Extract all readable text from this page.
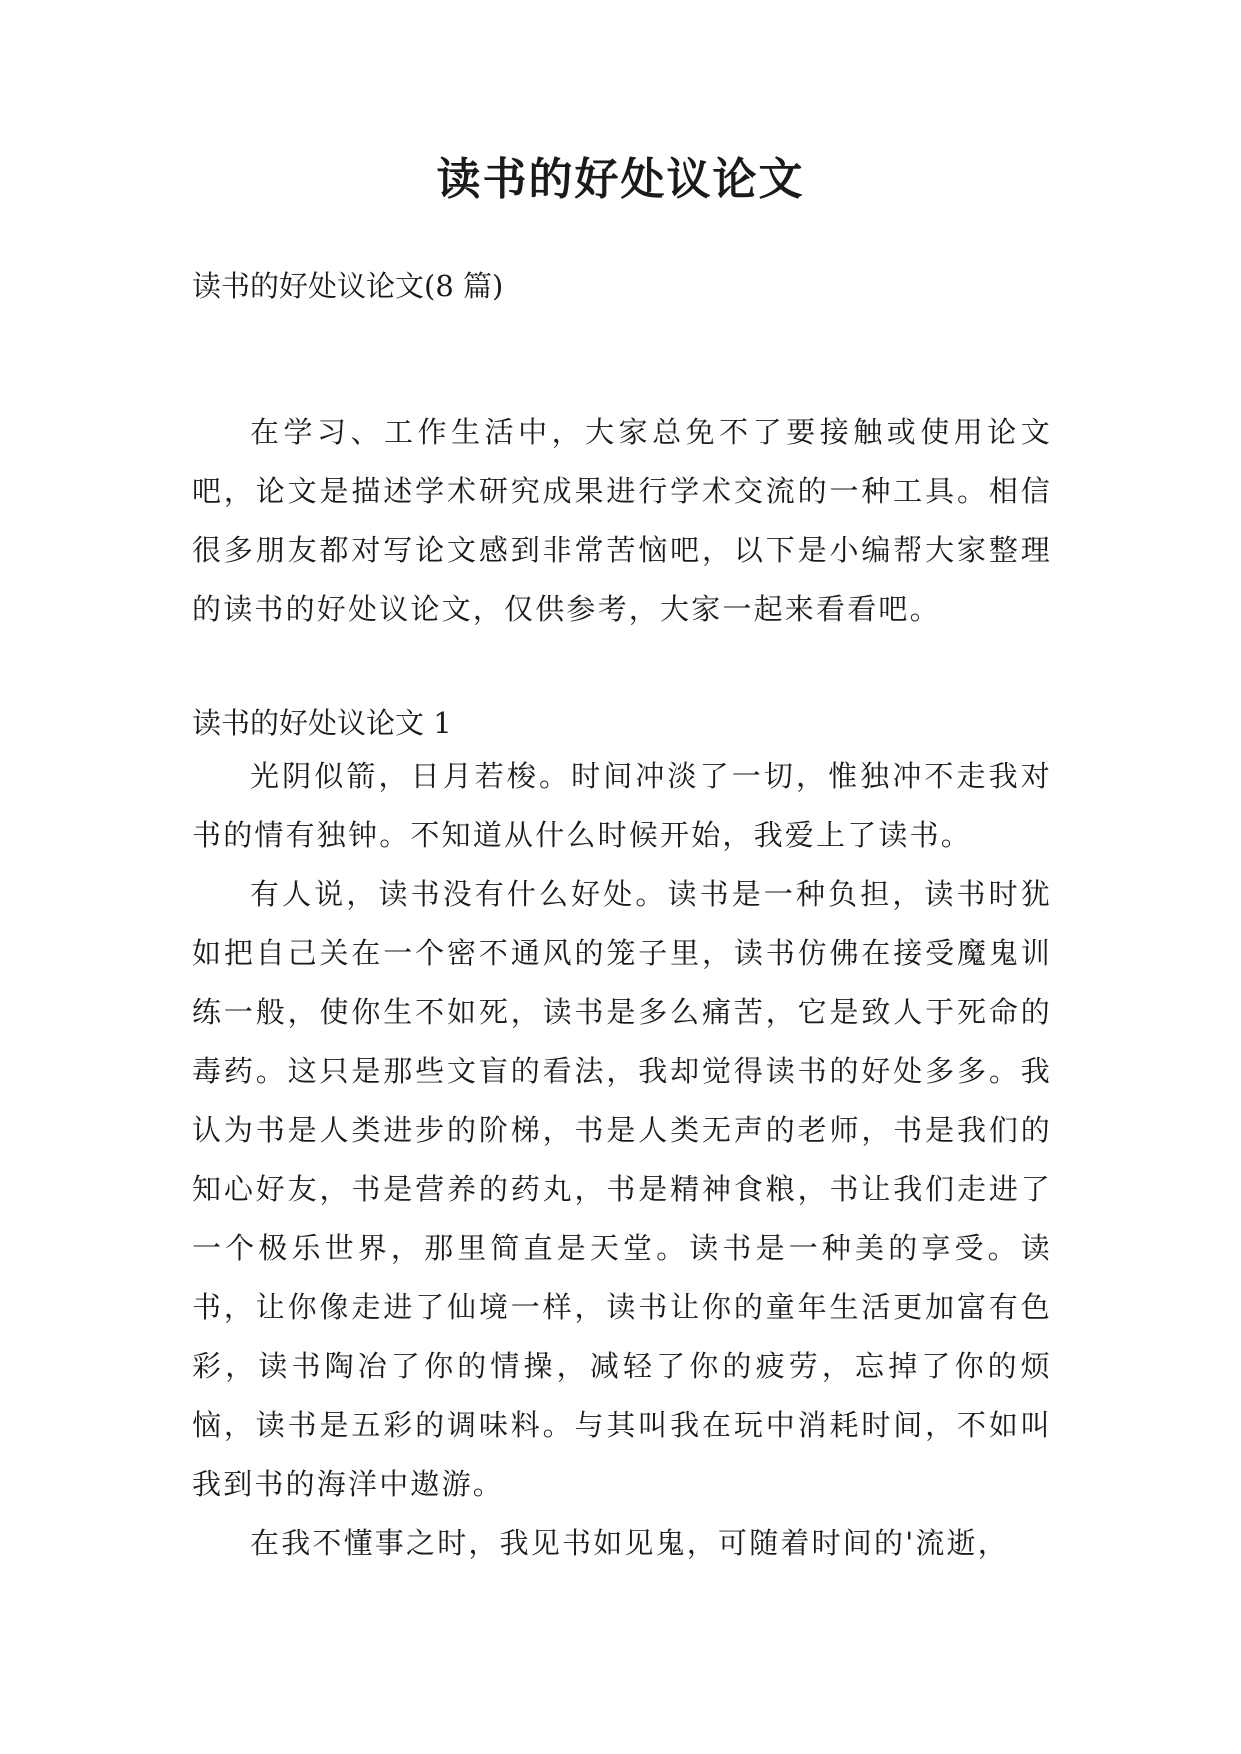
读书的好处议论文
读书的好处议论文(8 篇)

在学习、工作生活中，大家总免不了要接触或使用论文吧，论文是描述学术研究成果进行学术交流的一种工具。相信很多朋友都对写论文感到非常苦恼吧，以下是小编帮大家整理的读书的好处议论文，仅供参考，大家一起来看看吧。

读书的好处议论文 1

光阴似箭，日月若梭。时间冲淡了一切，惟独冲不走我对书的情有独钟。不知道从什么时候开始，我爱上了读书。

有人说，读书没有什么好处。读书是一种负担，读书时犹如把自己关在一个密不通风的笼子里，读书仿佛在接受魔鬼训练一般，使你生不如死，读书是多么痛苦，它是致人于死命的毒药。这只是那些文盲的看法，我却觉得读书的好处多多。我认为书是人类进步的阶梯，书是人类无声的老师，书是我们的知心好友，书是营养的药丸，书是精神食粮，书让我们走进了一个极乐世界，那里简直是天堂。读书是一种美的享受。读书，让你像走进了仙境一样，读书让你的童年生活更加富有色彩，读书陶冶了你的情操，减轻了你的疲劳，忘掉了你的烦恼，读书是五彩的调味料。与其叫我在玩中消耗时间，不如叫我到书的海洋中遨游。

在我不懂事之时，我见书如见鬼，可随着时间的'流逝，
